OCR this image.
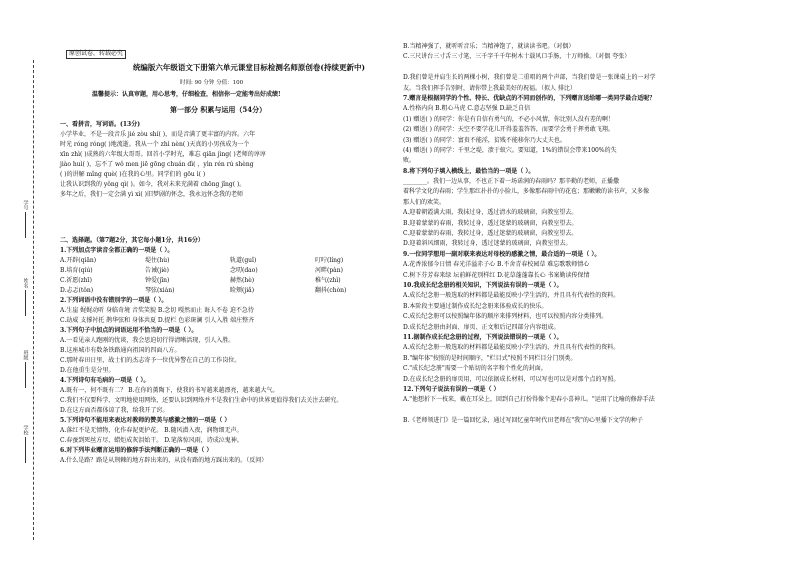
学号
姓名
班级
学校
原创试卷，转载必究
统编版六年级语文下册第六单元课堂目标检测名师原创卷(持续更新中)
时间: 90 分钟 分值：100
温馨提示：认真审题，用心思考，仔细检查，相信你一定能考出好成绩!
第一部分 积累与运用（54分）
一、看拼音，写词语。(13分)
小学毕业，不是一段音乐 jié zòu shí( )，而是音满了更丰富的内容。六年
时光 róng róng( )地流逝。我从一个 zhì nèn( )天真的小男孩成为一个
xīn zhì( )成熟的六年级大哥哥。回首小学时光，难忘 qiān jìng( )老师的谆谆
jiào huì( )，忘不了 wǒ men jiē gōng chuán dì( ，yìn rén rú shèng
( )的讲解 mǐng què( )在我的心里。同学们的 gōu ì( )
让我认识到我的 yǒng qì( )。如今，我对未来充满着 chōng jǐng( )。
多年之后，我们一定会满 yì xì( )旧梦剧的怀念，我永远怀念我的老师
二、选择题。（第7题2分，其它每小题1分，共16分）
1.下列加点字读音全都正确的一项是（ ）。
A.开辟(qiān)	堤住(hù)	轨道(guǐ)	叮咛(líng)
B.培育(qiú)	告诫(jiè)	念叨(dao)	河畔(pàn)
C.祈愿(zhī)	钟爱(jǐn)	赫然(hè)	稚气(zhì)
D.忐忑(tǒn)	琴弦(xián)	睑颊(jiǎ)	翻抖(chòn)
2.下列词语中没有错别字的一项是（ ）。
A.生崖 娓娓动听 身临奇境 音奖笑貌 B.念切 嘎然而止 诲人不卷 迫不急待
C.劫威 支撑衬托 鹊华弦和 身体共夏 D.捉栏 色彩斑澜 引人入胜 端庄整齐
3.下列句子中加点的词语运用不恰当的一项是（ ）。
A.一看见亲人跑刚的忧谈，我会思迫切行得清晰活现，引人入胜。
B.这座城市有数条铁路通向祖国的四面八方。
C.那时春田日里，战士们的杰志寄予一位优异警在自己的工作岗位。
D.在他重生是分里。
4.下列诗句有毛病的一项是（ ）。
A.既有一，何不既有二？ B.在你的薰陶下，使我的书写越来越漂亮，越来越大气。
C.我们不仅要科学、文明地使用网络，还要认识到网络并不是我们生命中的世界更值得我们去关注去研究。
D.在这方面否都体谅了我，给我开了窍。
5.下列诗句不能用来表达对教师的赞美与感激之情的一项是（ ）
A.落红不是无情物，化作春泥更护花。 B.随风潜入夜，润物细无声。
C.春蚕到死丝方尽，蜡炬成灰泪始干。 D.笔落惊风雨，诗成泣鬼神。
6.对下列毕业赠言运用的修辞手法判断正确的一项是（ ）
A.什么是路？路是从荆棘的地方辟出来的，从没有路的地方踩出来的。（反问）
B.当精神强了，就听听音乐；当精神饱了，就读读书吧。（对偶）
C.三尺讲台三寸舌三寸笔，三千字千千年树木十载风口手肠，十万师操。（对偶 夸张）
D.我们曾是并肩生长的两棵小树，我们曾是二重唱的两个声部，当我们曾是一张课桌上的一对学
友。当我们挥手告别时，请你带上我最美好的祝福。（拟人 排比）
7.赠言是根据同学的个性、特长、优缺点的不同而创作的，下列赠言送给哪一类同学最合适呢？
A.性格内向 B.粗心马虎 C.意志坚强 D.缺乏自信
(1) 赠送( ) 的同学：你是有自信有勇气的，不必小风情，你比别人没有差的啊！
(2) 赠送( ) 的同学：天空不要学花儿开得羞羞答答，而要学会勇于挥勇敢飞翔。
(3) 赠送( ) 的同学：富贵不能淫，贫贱不能移你乃大丈夫也。
(4) 赠送( ) 的同学：千里之堤，溃于蚁穴。要知道，1%的错误会带来100%的失
败。
8.将下列句子填入横线上，最恰当的一项是（ ）。
________。我们一边从事，不也正下着一场诺润的春雨吗？那辛勤的老师，正播撒
着科学文化的春雨；学生那红扑扑的小脸儿，多像那春雨中的花苞；那嫩嫩的读书声，又多像
那人们的欢笑。
A.迎着朝霞满大雨，我抹过身，透过清水的玻璃窗，向教室望去。
B.迎着蒙蒙的春雨，我转过身，透过迷蒙的玻璃窗，向教室望去。
C.迎着蒙蒙的春雨，我转过身，透过迷蒙的玻璃窗，向教室望去。
D.迎着斜风细雨，我转过身，透过迷蒙的玻璃窗，向教室望去。
9.一位同学想用一副对联来表达对母校的感激之情，最合适的一项是（ ）。
A.花香浓郁今日情 春光洋溢赤子心 B.不舍青春校园草 难忘歌歌师情心
C.树下芬芳春来绿 坛前鲜花别样红 D.花草蓬蓬靠长心 书案勤读传保情
10.我成长纪念册的相关知识，下列说法有误的一项是（ ）。
A.成长纪念册一般选取的材料都是最能反映小学生活的，并且具有代表性的资料。
B.本阶段主要通过制作成长纪念册来体验成长的快乐。
C.成长纪念册可以按照编年体的顺序来排列材料，也可以按照内容分类排列。
D.成长纪念册由封面、扉页、正文和后记四部分内容组成。
11.据制作成长纪念册的过程，下列说法错误的一项是（ ）。
A.成长纪念册一般选取的材料都是最能反映小学生活的，并且具有代表性的资料。
B."编年体"按照的是时间顺序，"栏目式"按照不同栏目分门别类。
C."成长纪念册"需要一个贴切的名字和个性化的封面。
D.在成长纪念册的扉页用，可以依据成长材料，可以写也可以是对那个点的写照。
12.下列句子说法有误的一项是（ ）
A."他想折下一枝来，戴在耳朵上，回到自己打扮得像个迎春小喜神儿。"运用了比喻的修辞手法
B.《老师领进门》是一篇回忆录，通过写回忆童年时代田老师在"我"的心里播下文学的种子
